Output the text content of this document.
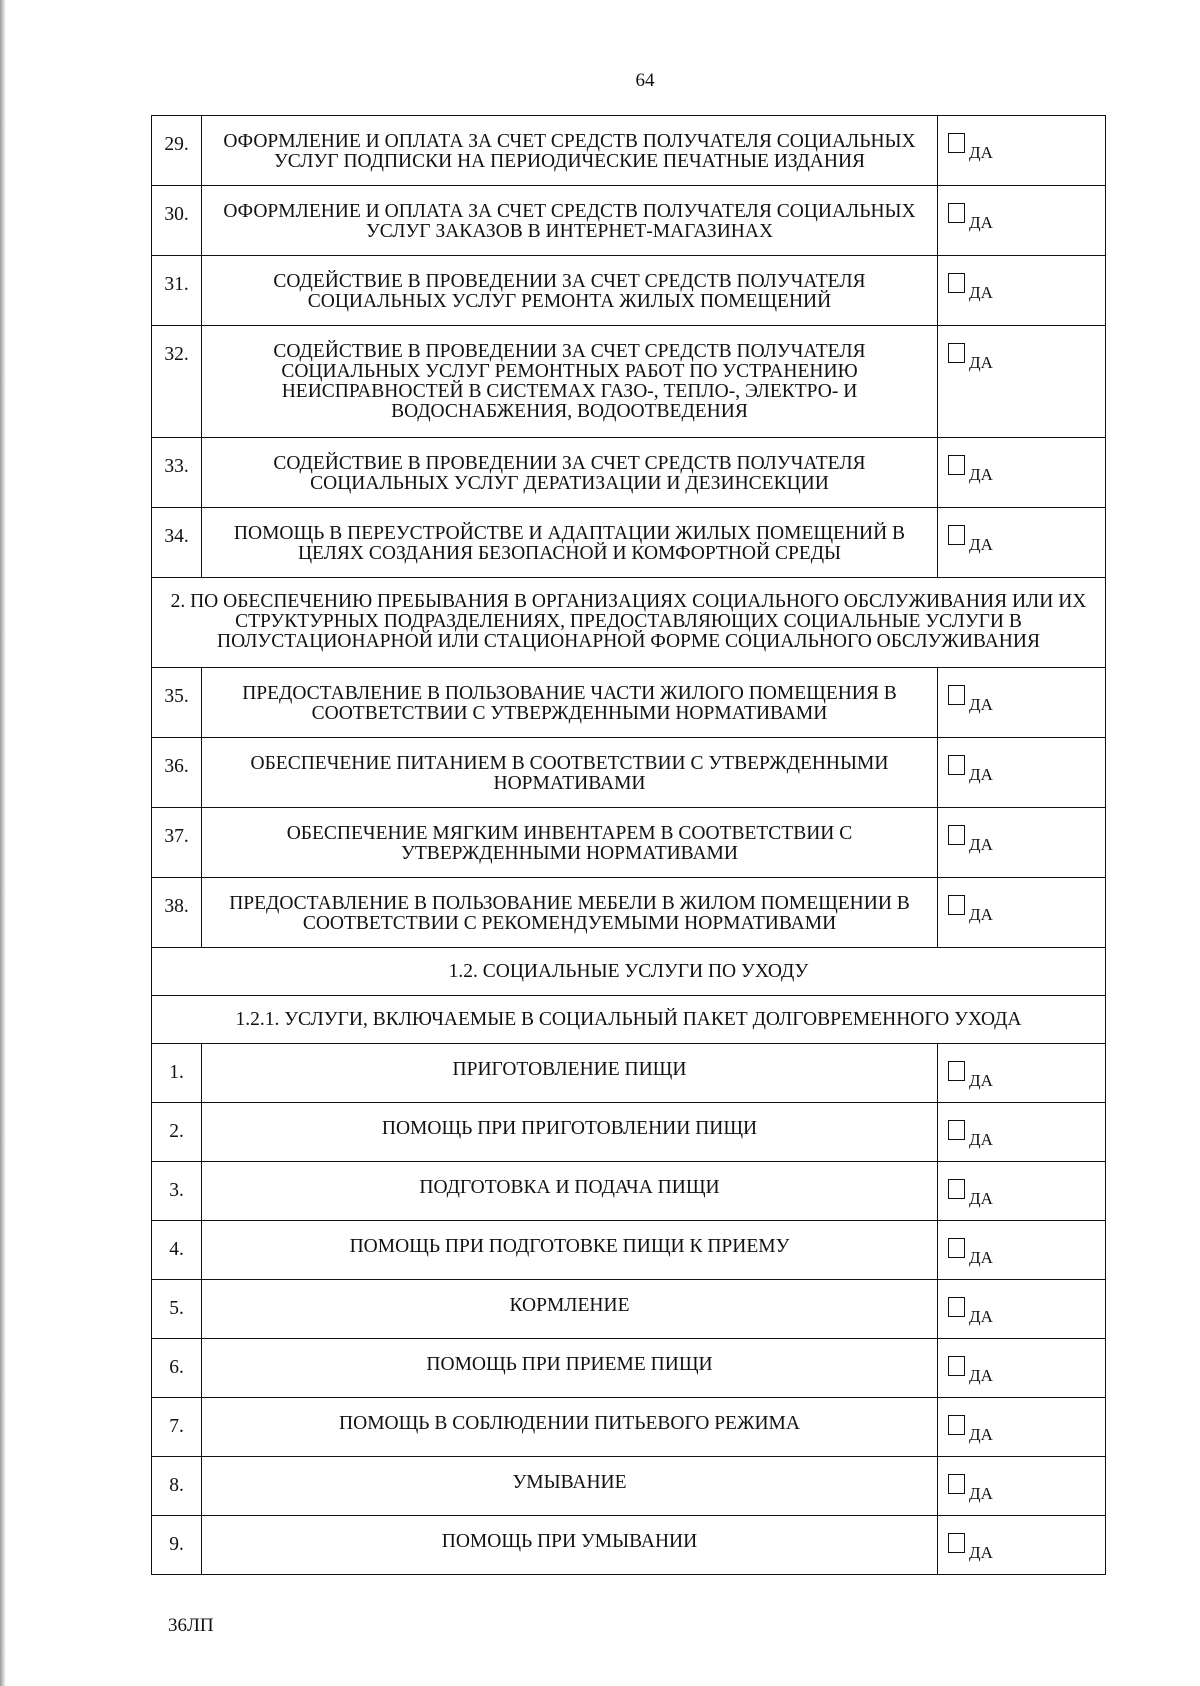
64
29.	ОФОРМЛЕНИЕ И ОПЛАТА ЗА СЧЕТ СРЕДСТВ ПОЛУЧАТЕЛЯ СОЦИАЛЬНЫХ УСЛУГ ПОДПИСКИ НА ПЕРИОДИЧЕСКИЕ ПЕЧАТНЫЕ ИЗДАНИЯ	ДА
30.	ОФОРМЛЕНИЕ И ОПЛАТА ЗА СЧЕТ СРЕДСТВ ПОЛУЧАТЕЛЯ СОЦИАЛЬНЫХ УСЛУГ ЗАКАЗОВ В ИНТЕРНЕТ-МАГАЗИНАХ	ДА
31.	СОДЕЙСТВИЕ В ПРОВЕДЕНИИ ЗА СЧЕТ СРЕДСТВ ПОЛУЧАТЕЛЯ СОЦИАЛЬНЫХ УСЛУГ РЕМОНТА ЖИЛЫХ ПОМЕЩЕНИЙ	ДА
32.	СОДЕЙСТВИЕ В ПРОВЕДЕНИИ ЗА СЧЕТ СРЕДСТВ ПОЛУЧАТЕЛЯ СОЦИАЛЬНЫХ УСЛУГ РЕМОНТНЫХ РАБОТ ПО УСТРАНЕНИЮ НЕИСПРАВНОСТЕЙ В СИСТЕМАХ ГАЗО-, ТЕПЛО-, ЭЛЕКТРО- И ВОДОСНАБЖЕНИЯ, ВОДООТВЕДЕНИЯ	ДА
33.	СОДЕЙСТВИЕ В ПРОВЕДЕНИИ ЗА СЧЕТ СРЕДСТВ ПОЛУЧАТЕЛЯ СОЦИАЛЬНЫХ УСЛУГ ДЕРАТИЗАЦИИ И ДЕЗИНСЕКЦИИ	ДА
34.	ПОМОЩЬ В ПЕРЕУСТРОЙСТВЕ И АДАПТАЦИИ ЖИЛЫХ ПОМЕЩЕНИЙ В ЦЕЛЯХ СОЗДАНИЯ БЕЗОПАСНОЙ И КОМФОРТНОЙ СРЕДЫ	ДА
2. ПО ОБЕСПЕЧЕНИЮ ПРЕБЫВАНИЯ В ОРГАНИЗАЦИЯХ СОЦИАЛЬНОГО ОБСЛУЖИВАНИЯ ИЛИ ИХ СТРУКТУРНЫХ ПОДРАЗДЕЛЕНИЯХ, ПРЕДОСТАВЛЯЮЩИХ СОЦИАЛЬНЫЕ УСЛУГИ В ПОЛУСТАЦИОНАРНОЙ ИЛИ СТАЦИОНАРНОЙ ФОРМЕ СОЦИАЛЬНОГО ОБСЛУЖИВАНИЯ		
35.	ПРЕДОСТАВЛЕНИЕ В ПОЛЬЗОВАНИЕ ЧАСТИ ЖИЛОГО ПОМЕЩЕНИЯ В СООТВЕТСТВИИ С УТВЕРЖДЕННЫМИ НОРМАТИВАМИ	ДА
36.	ОБЕСПЕЧЕНИЕ ПИТАНИЕМ В СООТВЕТСТВИИ С УТВЕРЖДЕННЫМИ НОРМАТИВАМИ	ДА
37.	ОБЕСПЕЧЕНИЕ МЯГКИМ ИНВЕНТАРЕМ В СООТВЕТСТВИИ С УТВЕРЖДЕННЫМИ НОРМАТИВАМИ	ДА
38.	ПРЕДОСТАВЛЕНИЕ В ПОЛЬЗОВАНИЕ МЕБЕЛИ В ЖИЛОМ ПОМЕЩЕНИИ В СООТВЕТСТВИИ С РЕКОМЕНДУЕМЫМИ НОРМАТИВАМИ	ДА
1.2. СОЦИАЛЬНЫЕ УСЛУГИ ПО УХОДУ		
1.2.1. УСЛУГИ, ВКЛЮЧАЕМЫЕ В СОЦИАЛЬНЫЙ ПАКЕТ ДОЛГОВРЕМЕННОГО УХОДА		
1.	ПРИГОТОВЛЕНИЕ ПИЩИ	ДА
2.	ПОМОЩЬ ПРИ ПРИГОТОВЛЕНИИ ПИЩИ	ДА
3.	ПОДГОТОВКА И ПОДАЧА ПИЩИ	ДА
4.	ПОМОЩЬ ПРИ ПОДГОТОВКЕ ПИЩИ К ПРИЕМУ	ДА
5.	КОРМЛЕНИЕ	ДА
6.	ПОМОЩЬ ПРИ ПРИЕМЕ ПИЩИ	ДА
7.	ПОМОЩЬ В СОБЛЮДЕНИИ ПИТЬЕВОГО РЕЖИМА	ДА
8.	УМЫВАНИЕ	ДА
9.	ПОМОЩЬ ПРИ УМЫВАНИИ	ДА
36ЛП
